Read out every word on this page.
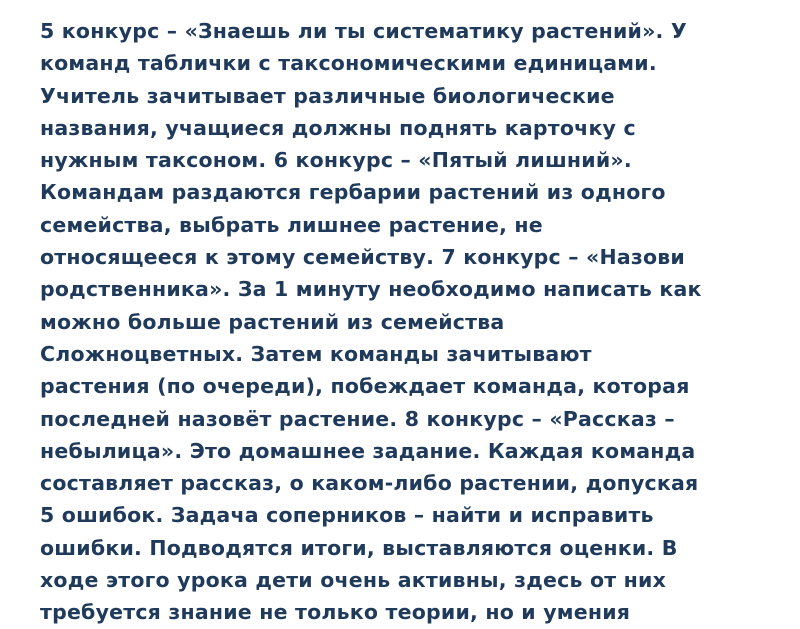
5 конкурс – «Знаешь ли ты систематику растений». У
команд таблички с таксономическими единицами.
Учитель зачитывает различные биологические
названия, учащиеся должны поднять карточку с
нужным таксоном. 6 конкурс – «Пятый лишний».
Командам раздаются гербарии растений из одного
семейства, выбрать лишнее растение, не
относящееся к этому семейству. 7 конкурс – «Назови
родственника». За 1 минуту необходимо написать как
можно больше растений из семейства
Сложноцветных. Затем команды зачитывают
растения (по очереди), побеждает команда, которая
последней назовёт растение. 8 конкурс – «Рассказ –
небылица». Это домашнее задание. Каждая команда
составляет рассказ, о каком-либо растении, допуская
5 ошибок. Задача соперников – найти и исправить
ошибки. Подводятся итоги, выставляются оценки. В
ходе этого урока дети очень активны, здесь от них
требуется знание не только теории, но и умения
